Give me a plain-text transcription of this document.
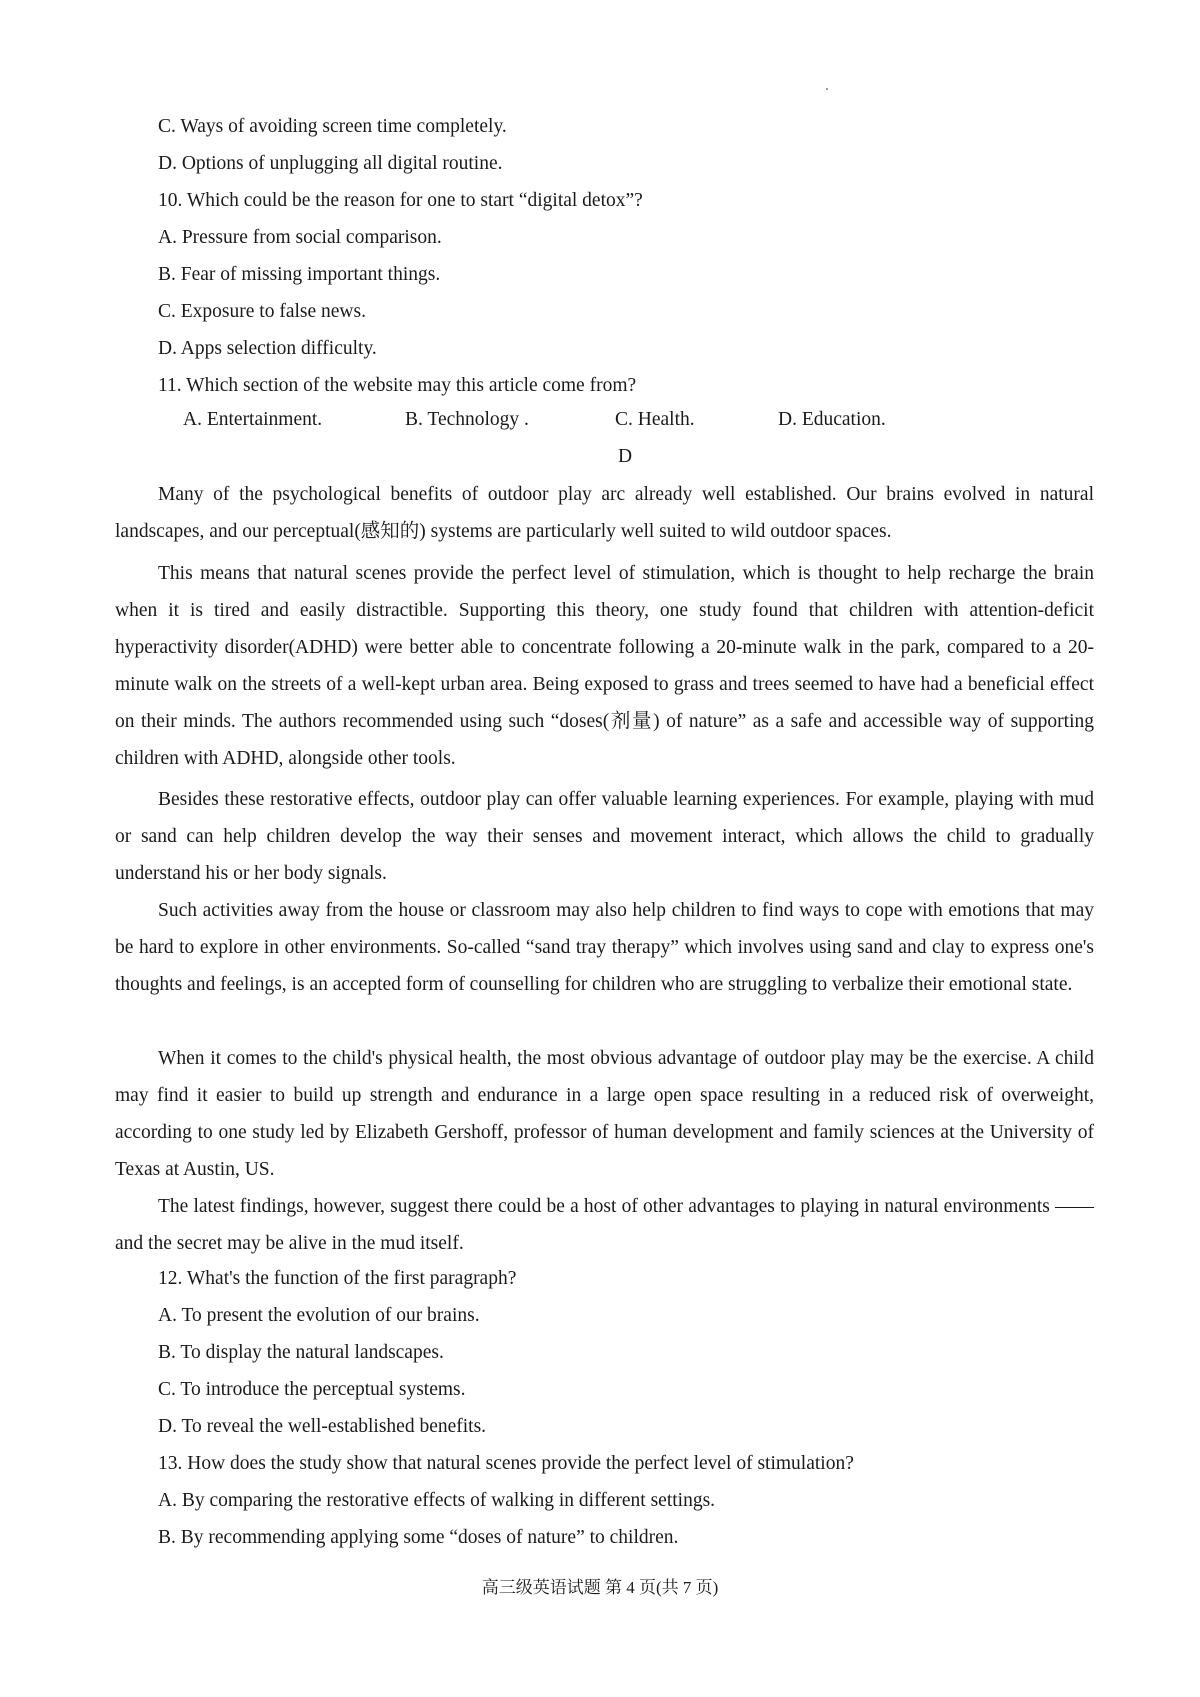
C. Ways of avoiding screen time completely.
D. Options of unplugging all digital routine.
10. Which could be the reason for one to start “digital detox”?
A. Pressure from social comparison.
B. Fear of missing important things.
C. Exposure to false news.
D. Apps selection difficulty.
11. Which section of the website may this article come from?
A. Entertainment.	B. Technology .	C. Health.	D. Education.
D
Many of the psychological benefits of outdoor play arc already well established. Our brains evolved in natural landscapes, and our perceptual(感知的) systems are particularly well suited to wild outdoor spaces.
This means that natural scenes provide the perfect level of stimulation, which is thought to help recharge the brain when it is tired and easily distractible. Supporting this theory, one study found that children with attention-deficit hyperactivity disorder(ADHD) were better able to concentrate following a 20-minute walk in the park, compared to a 20-minute walk on the streets of a well-kept urban area. Being exposed to grass and trees seemed to have had a beneficial effect on their minds. The authors recommended using such “doses(剂量) of nature” as a safe and accessible way of supporting children with ADHD, alongside other tools.
Besides these restorative effects, outdoor play can offer valuable learning experiences. For example, playing with mud or sand can help children develop the way their senses and movement interact, which allows the child to gradually understand his or her body signals.
Such activities away from the house or classroom may also help children to find ways to cope with emotions that may be hard to explore in other environments. So-called “sand tray therapy” which involves using sand and clay to express one's thoughts and feelings, is an accepted form of counselling for children who are struggling to verbalize their emotional state.
When it comes to the child's physical health, the most obvious advantage of outdoor play may be the exercise. A child may find it easier to build up strength and endurance in a large open space resulting in a reduced risk of overweight, according to one study led by Elizabeth Gershoff, professor of human development and family sciences at the University of Texas at Austin, US.
The latest findings, however, suggest there could be a host of other advantages to playing in natural environments ——and the secret may be alive in the mud itself.
12. What's the function of the first paragraph?
A. To present the evolution of our brains.
B. To display the natural landscapes.
C. To introduce the perceptual systems.
D. To reveal the well-established benefits.
13. How does the study show that natural scenes provide the perfect level of stimulation?
A. By comparing the restorative effects of walking in different settings.
B. By recommending applying some “doses of nature” to children.
高三级英语试题 第 4 页(共 7 页)
